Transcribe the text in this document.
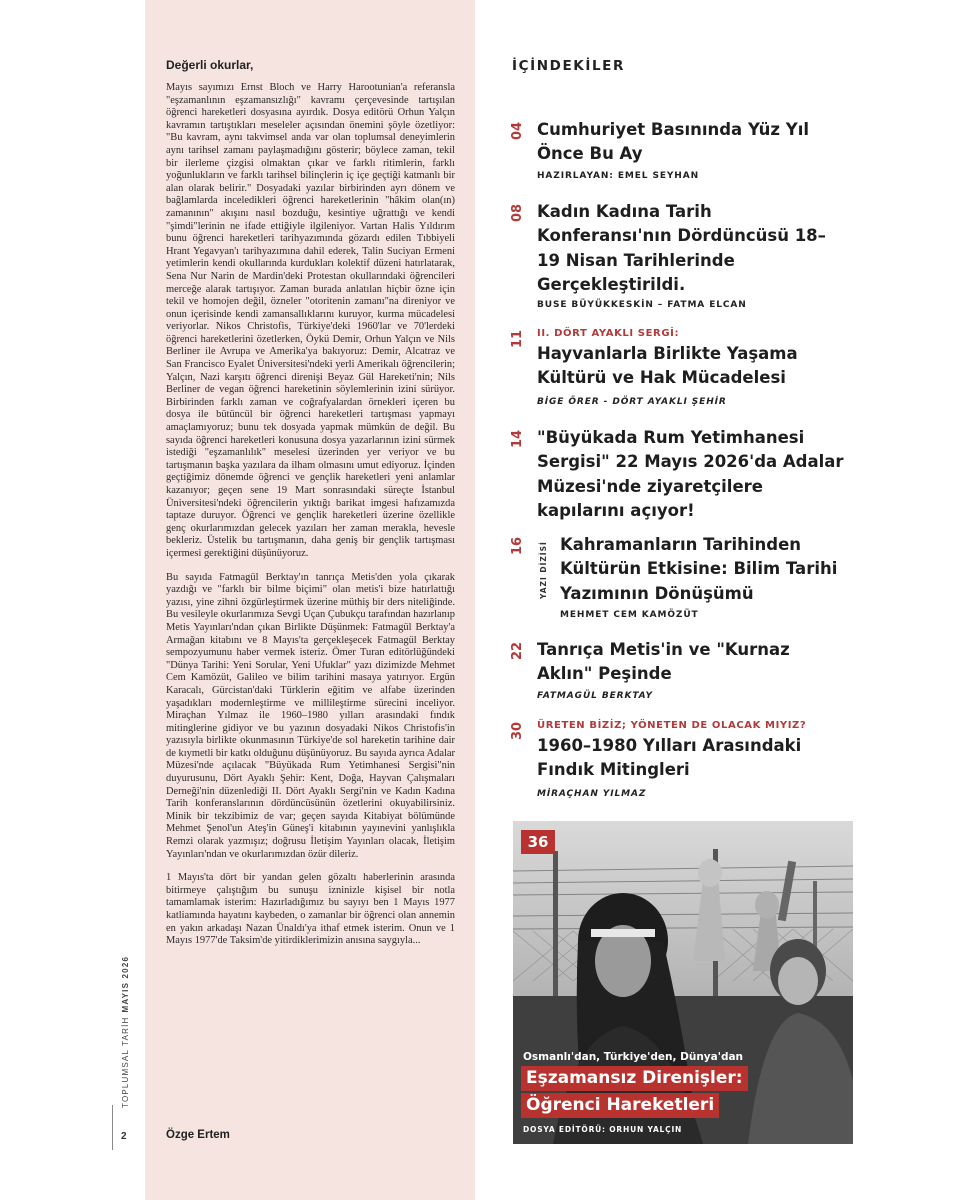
Değerli okurlar,

Mayıs sayımızı Ernst Bloch ve Harry Harootunian'a referansla "eşzamanlının eşzamansızlığı" kavramı çerçevesinde tartışılan öğrenci hareketleri dosyasına ayırdık. Dosya editörü Orhun Yalçın kavramın tartıştıkları meseleler açısından önemini şöyle özetliyor: "Bu kavram, aynı takvimsel anda var olan toplumsal deneyimlerin aynı tarihsel zamanı paylaşmadığını gösterir; böylece zaman, tekil bir ilerleme çizgisi olmaktan çıkar ve farklı ritimlerin, farklı yoğunlukların ve farklı tarihsel bilinçlerin iç içe geçtiği katmanlı bir alan olarak belirir." Dosyadaki yazılar birbirinden ayrı dönem ve bağlamlarda inceledikleri öğrenci hareketlerinin "hâkim olan(ın) zamanının" akışını nasıl bozduğu, kesintiye uğrattığı ve kendi "şimdi"lerinin ne ifade ettiğiyle ilgileniyor. Vartan Halis Yıldırım bunu öğrenci hareketleri tarihyazımında gözardı edilen Tıbbiyeli Hrant Yegavyan'ı tarihyazımına dahil ederek, Talin Suciyan Ermeni yetimlerin kendi okullarında kurdukları kolektif düzeni hatırlatarak, Sena Nur Narin de Mardin'deki Protestan okullarındaki öğrencileri merceğe alarak tartışıyor. Zaman burada anlatılan hiçbir özne için tekil ve homojen değil, özneler "otoritenin zamanı"na direniyor ve onun içerisinde kendi zamansallıklarını kuruyor, kurma mücadelesi veriyorlar. Nikos Christofis, Türkiye'deki 1960'lar ve 70'lerdeki öğrenci hareketlerini özetlerken, Öykü Demir, Orhun Yalçın ve Nils Berliner ile Avrupa ve Amerika'ya bakıyoruz: Demir, Alcatraz ve San Francisco Eyalet Üniversitesi'ndeki yerli Amerikalı öğrencilerin; Yalçın, Nazi karşıtı öğrenci direnişi Beyaz Gül Hareketi'nin; Nils Berliner de vegan öğrenci hareketinin söylemlerinin izini sürüyor. Birbirinden farklı zaman ve coğrafyalardan örnekleri içeren bu dosya ile bütüncül bir öğrenci hareketleri tartışması yapmayı amaçlamıyoruz; bunu tek dosyada yapmak mümkün de değil. Bu sayıda öğrenci hareketleri konusuna dosya yazarlarının izini sürmek istediği "eşzamanlılık" meselesi üzerinden yer veriyor ve bu tartışmanın başka yazılara da ilham olmasını umut ediyoruz. İçinden geçtiğimiz dönemde öğrenci ve gençlik hareketleri yeni anlamlar kazanıyor; geçen sene 19 Mart sonrasındaki süreçte İstanbul Üniversitesi'ndeki öğrencilerin yıktığı barikat imgesi hafızamızda taptaze duruyor. Öğrenci ve gençlik hareketleri üzerine özellikle genç okurlarımızdan gelecek yazıları her zaman merakla, hevesle bekleriz. Üstelik bu tartışmanın, daha geniş bir gençlik tartışması içermesi gerektiğini düşünüyoruz.

Bu sayıda Fatmagül Berktay'ın tanrıça Metis'den yola çıkarak yazdığı ve "farklı bir bilme biçimi" olan metis'i bize hatırlattığı yazısı, yine zihni özgürleştirmek üzerine müthiş bir ders niteliğinde. Bu vesileyle okurlarımıza Sevgi Uçan Çubukçu tarafından hazırlanıp Metis Yayınları'ndan çıkan Birlikte Düşünmek: Fatmagül Berktay'a Armağan kitabını ve 8 Mayıs'ta gerçekleşecek Fatmagül Berktay sempozyumunu haber vermek isteriz. Ömer Turan editörlüğündeki "Dünya Tarihi: Yeni Sorular, Yeni Ufuklar" yazı dizimizde Mehmet Cem Kamözüt, Galileo ve bilim tarihini masaya yatırıyor. Ergün Karacalı, Gürcistan'daki Türklerin eğitim ve alfabe üzerinden yaşadıkları modernleştirme ve millileştirme sürecini inceliyor. Miraçhan Yılmaz ile 1960–1980 yılları arasındaki fındık mitinglerine gidiyor ve bu yazının dosyadaki Nikos Christofis'in yazısıyla birlikte okunmasının Türkiye'de sol hareketin tarihine dair de kıymetli bir katkı olduğunu düşünüyoruz. Bu sayıda ayrıca Adalar Müzesi'nde açılacak "Büyükada Rum Yetimhanesi Sergisi"nin duyurusunu, Dört Ayaklı Şehir: Kent, Doğa, Hayvan Çalışmaları Derneği'nin düzenlediği II. Dört Ayaklı Sergi'nin ve Kadın Kadına Tarih konferanslarının dördüncüsünün özetlerini okuyabilirsiniz. Minik bir tekzibimiz de var; geçen sayıda Kitabiyat bölümünde Mehmet Şenol'un Ateş'in Güneş'i kitabının yayınevini yanlışlıkla Remzi olarak yazmışız; doğrusu İletişim Yayınları olacak, İletişim Yayınları'ndan ve okurlarımızdan özür dileriz.

1 Mayıs'ta dört bir yandan gelen gözaltı haberlerinin arasında bitirmeye çalıştığım bu sunuşu izninizle kişisel bir notla tamamlamak isterim: Hazırladığımız bu sayıyı ben 1 Mayıs 1977 katliamında hayatını kaybeden, o zamanlar bir öğrenci olan annemin en yakın arkadaşı Nazan Ünaldı'ya ithaf etmek isterim. Onun ve 1 Mayıs 1977'de Taksim'de yitirdiklerimizin anısına saygıyla...

Özge Ertem
2
TOPLUMSAL TARİHMAYIS 2026
İÇİNDEKİLER
04 Cumhuriyet Basınında Yüz Yıl Önce Bu Ay
HAZIRLAYAN: EMEL SEYHAN
08 Kadın Kadına Tarih Konferansı'nın Dördüncüsü 18–19 Nisan Tarihlerinde Gerçekleştirildi.
BUSE BÜYÜKKESKİN – FATMA ELCAN
11 II. DÖRT AYAKLI SERGİ:
Hayvanlarla Birlikte Yaşama Kültürü ve Hak Mücadelesi
BİGE ÖRER - DÖRT AYAKLI ŞEHİR
14 "Büyükada Rum Yetimhanesi Sergisi" 22 Mayıs 2026'da Adalar Müzesi'nde ziyaretçilere kapılarını açıyor!
16 YAZI DİZİSİ Kahramanların Tarihinden Kültürün Etkisine: Bilim Tarihi Yazımının Dönüşümü
MEHMET CEM KAMÖZÜT
22 Tanrıça Metis'in ve "Kurnaz Aklın" Peşinde
FATMAGÜL BERKTAY
30 ÜRETEN BİZİZ; YÖNETEN DE OLACAK MIYIZ?
1960–1980 Yılları Arasındaki Fındık Mitingleri
MİRAÇHAN YILMAZ
36
Osmanlı'dan, Türkiye'den, Dünya'dan
Eşzamansız Direnişler:
Öğrenci Hareketleri
DOSYA EDİTÖRÜ: ORHUN YALÇIN
